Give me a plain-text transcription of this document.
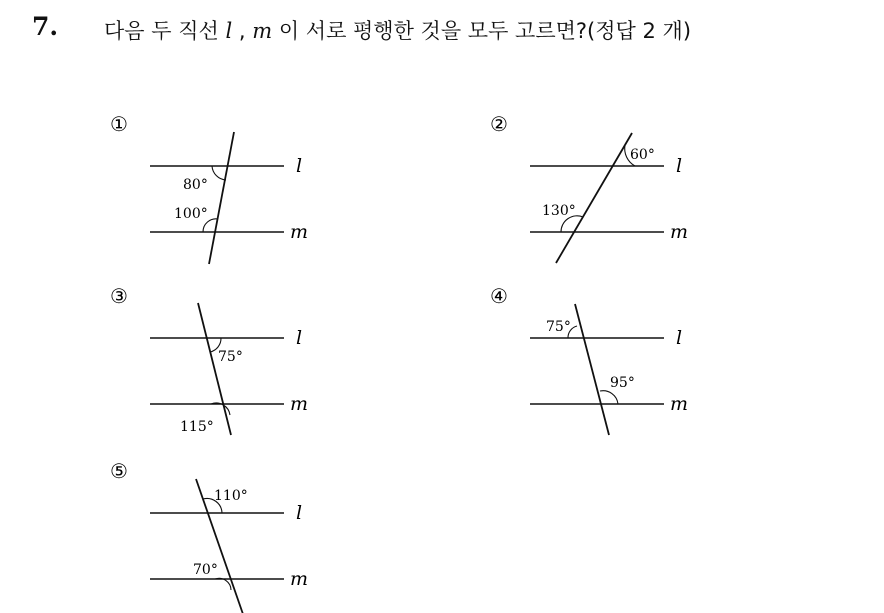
7. 다음 두 직선 l , m 이 서로 평행한 것을 모두 고르면?(정답 2 개)
①
80°
100°
l
m
②
60°
130°
l
m
③
75°
115°
l
m
④
75°
95°
l
m
⑤
110°
70°
l
m
